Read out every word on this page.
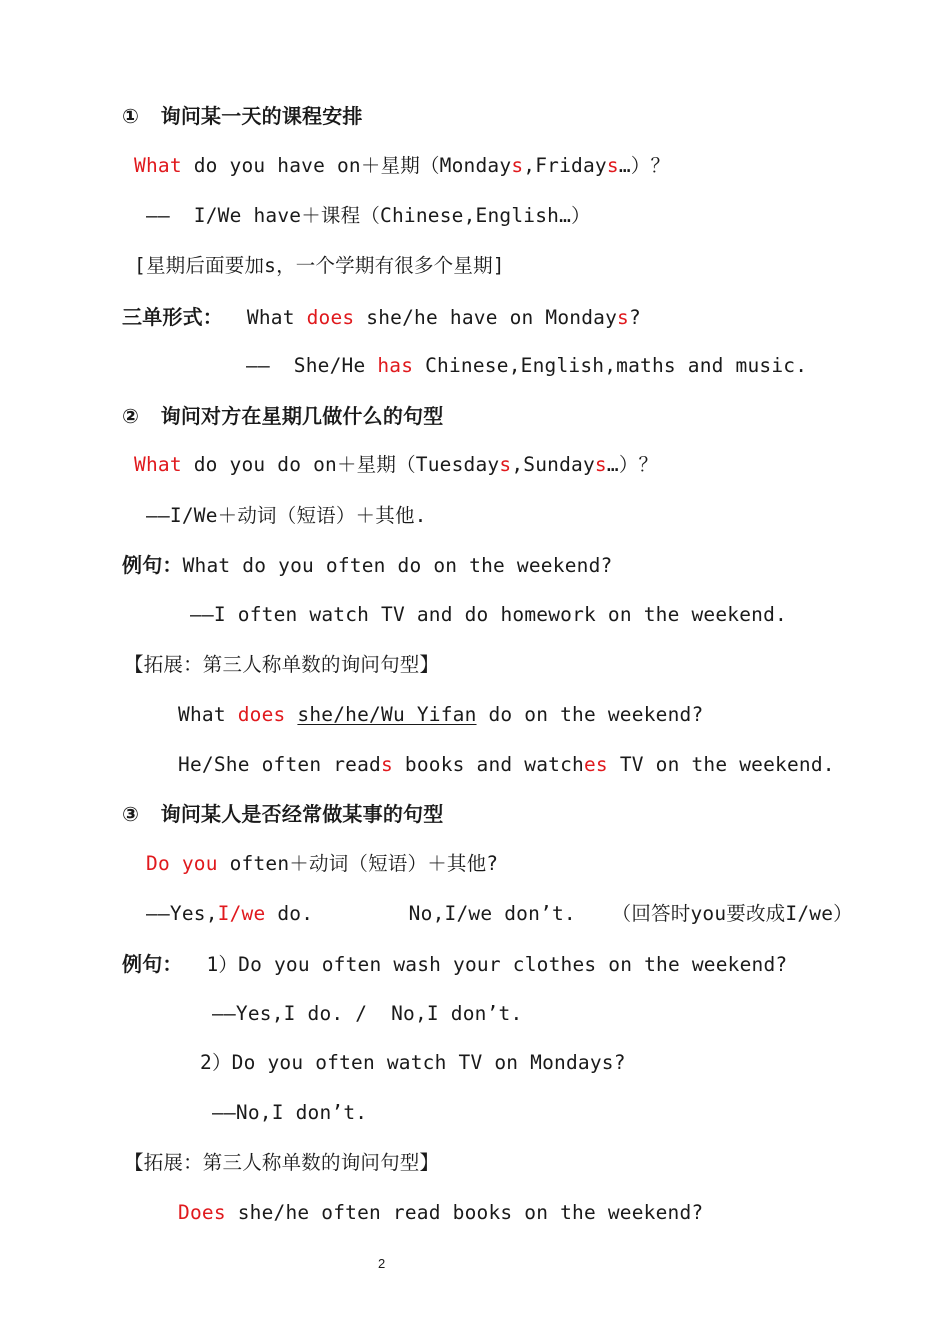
①   询问某一天的课程安排
What do you have on＋星期（Mondays,Fridays…）？
——  I/We have＋课程（Chinese,English…）
[星期后面要加s，一个学期有很多个星期]
三单形式： What does she/he have on Mondays?
——  She/He has Chinese,English,maths and music.
②   询问对方在星期几做什么的句型
What do you do on＋星期（Tuesdays,Sundays…）？
——I/We＋动词（短语）＋其他.
例句：What do you often do on the weekend?
——I often watch TV and do homework on the weekend.
【拓展：第三人称单数的询问句型】
What does she/he/Wu Yifan do on the weekend?
He/She often reads books and watches TV on the weekend.
③   询问某人是否经常做某事的句型
Do you often＋动词（短语）＋其他?
——Yes,I/we do.        No,I/we don’t.   （回答时you要改成I/we）
例句：  1）Do you often wash your clothes on the weekend?
——Yes,I do. /  No,I don’t.
2）Do you often watch TV on Mondays?
——No,I don’t.
【拓展：第三人称单数的询问句型】
Does she/he often read books on the weekend?
2
